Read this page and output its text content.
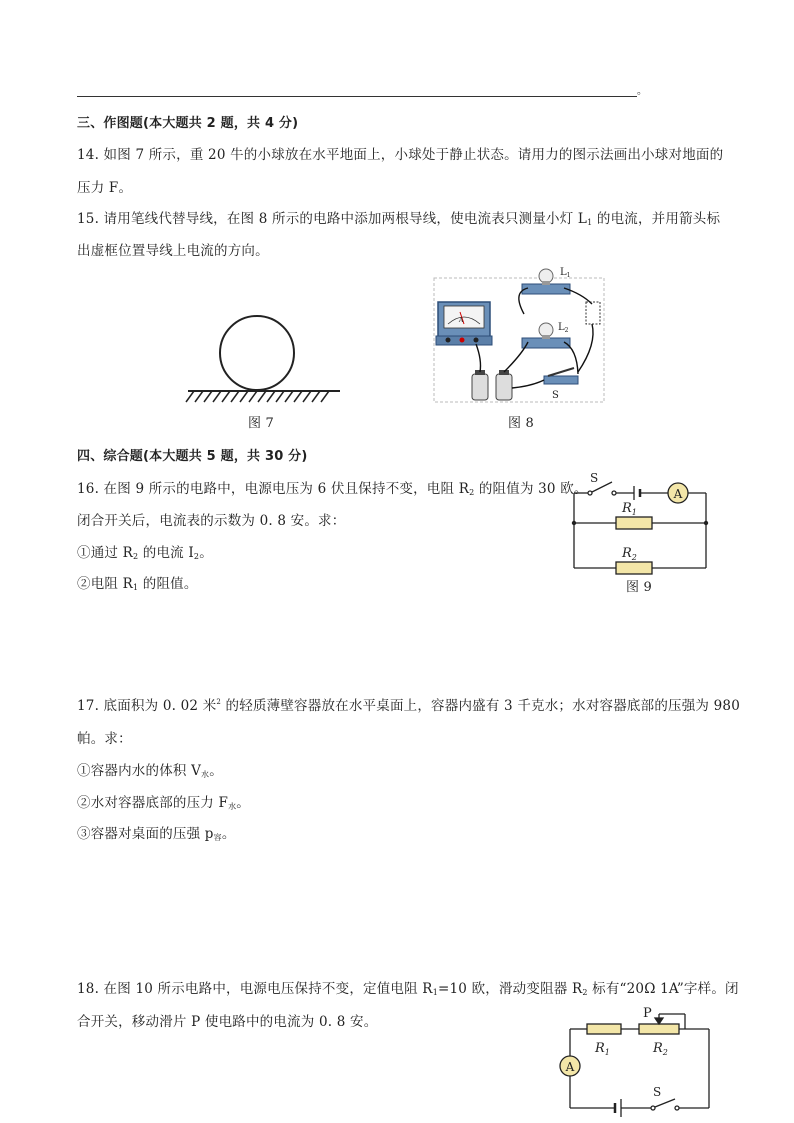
。
三、作图题(本大题共 2 题，共 4 分)
14. 如图 7 所示，重 20 牛的小球放在水平地面上，小球处于静止状态。请用力的图示法画出小球对地面的
压力 F。
15. 请用笔线代替导线，在图 8 所示的电路中添加两根导线，使电流表只测量小灯 $L_1$ 的电流，并用箭头标
出虚框位置导线上电流的方向。
图 7
A
$L_1$
$L_2$
S
图 8
四、综合题(本大题共 5 题，共 30 分)
16. 在图 9 所示的电路中，电源电压为 6 伏且保持不变，电阻 $R_2$ 的阻值为 30 欧。
闭合开关后，电流表的示数为 0. 8 安。求：
①通过 $R_2$ 的电流 $I_2$。
②电阻 $R_1$ 的阻值。
S
A
$R_1$
$R_2$
图 9
17. 底面积为 0. 02 米$^2$ 的轻质薄壁容器放在水平桌面上，容器内盛有 3 千克水；水对容器底部的压强为 980
帕。求：
①容器内水的体积 $V_水$。
②水对容器底部的压力 $F_水$。
③容器对桌面的压强 $p_容$。
18. 在图 10 所示电路中，电源电压保持不变，定值电阻 $R_1=10$ 欧，滑动变阻器 $R_2$ 标有“20Ω 1A”字样。闭
合开关，移动滑片 P 使电路中的电流为 0. 8 安。
P
$R_1$	$R_2$
A
S
